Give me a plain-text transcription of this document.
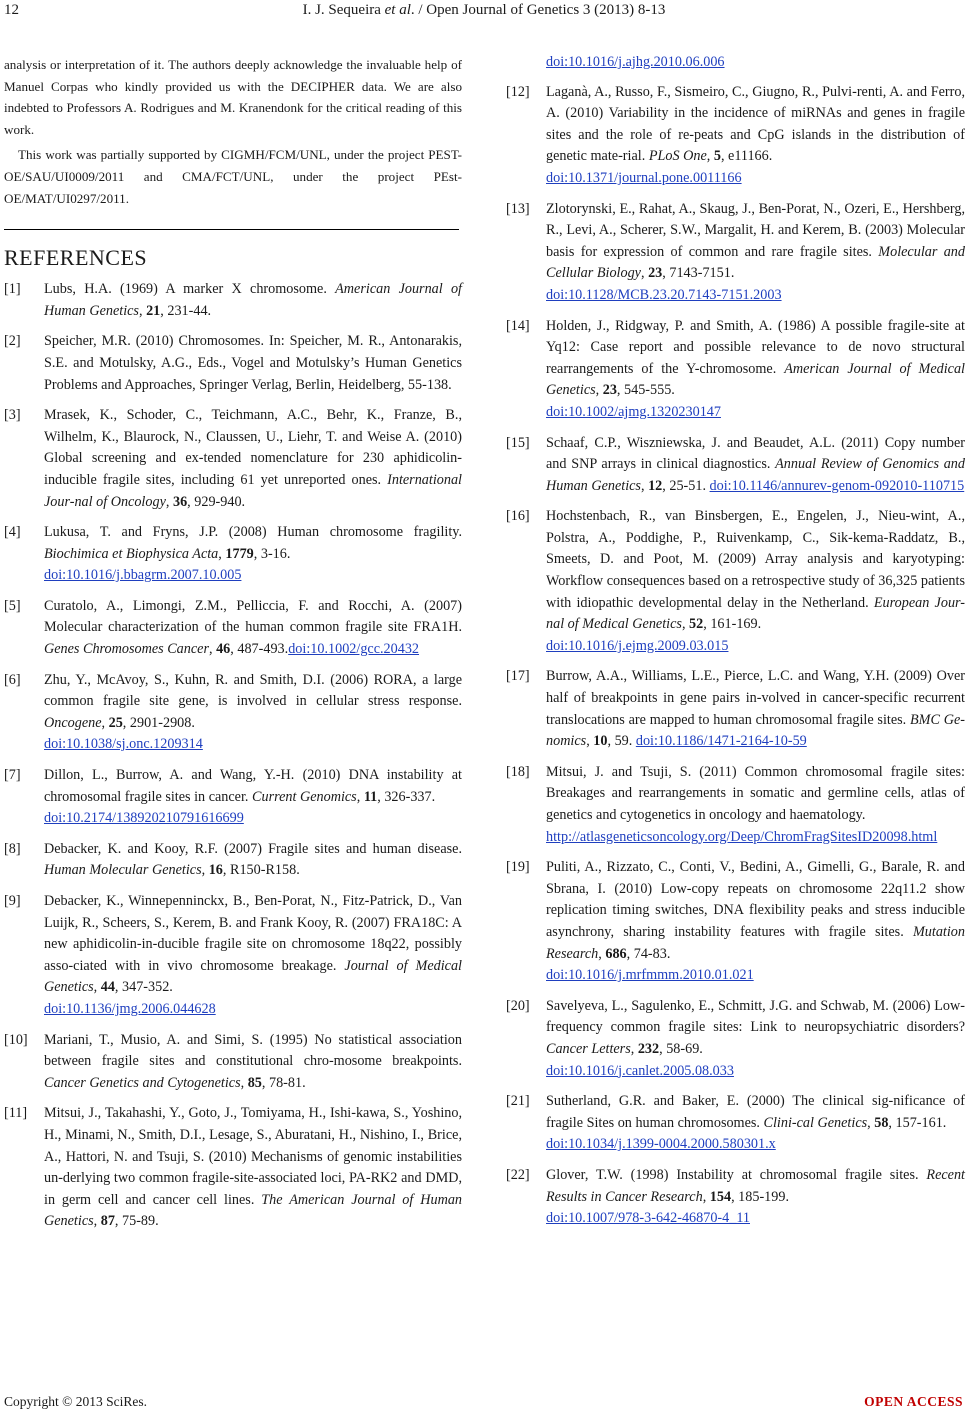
12	I. J. Sequeira et al. / Open Journal of Genetics 3 (2013) 8-13

analysis or interpretation of it. The authors deeply acknowledge the invaluable help of Manuel Corpas who kindly provided us with the DECIPHER data. We are also indebted to Professors A. Rodrigues and M. Kranendonk for the critical reading of this work.

This work was partially supported by CIGMH/FCM/UNL, under the project PEST-OE/SAU/UI0009/2011 and CMA/FCT/UNL, under the project PEst-OE/MAT/UI0297/2011.

REFERENCES
[1]	Lubs, H.A. (1969) A marker X chromosome. American Journal of Human Genetics, 21, 231-44.
[2]	Speicher, M.R. (2010) Chromosomes. In: Speicher, M. R., Antonarakis, S.E. and Motulsky, A.G., Eds., Vogel and Motulsky’s Human Genetics Problems and Approaches, Springer Verlag, Berlin, Heidelberg, 55-138.
[3]	Mrasek, K., Schoder, C., Teichmann, A.C., Behr, K., Franze, B., Wilhelm, K., Blaurock, N., Claussen, U., Liehr, T. and Weise A. (2010) Global screening and ex-tended nomenclature for 230 aphidicolin-inducible fragile sites, including 61 yet unreported ones. International Jour-nal of Oncology, 36, 929-940.
[4]	Lukusa, T. and Fryns, J.P. (2008) Human chromosome fragility. Biochimica et Biophysica Acta, 1779, 3-16.
doi:10.1016/j.bbagrm.2007.10.005
[5]	Curatolo, A., Limongi, Z.M., Pelliccia, F. and Rocchi, A. (2007) Molecular characterization of the human common fragile site FRA1H. Genes Chromosomes Cancer, 46, 487-493.doi:10.1002/gcc.20432
[6]	Zhu, Y., McAvoy, S., Kuhn, R. and Smith, D.I. (2006) RORA, a large common fragile site gene, is involved in cellular stress response. Oncogene, 25, 2901-2908.
doi:10.1038/sj.onc.1209314
[7]	Dillon, L., Burrow, A. and Wang, Y.-H. (2010) DNA instability at chromosomal fragile sites in cancer. Current Genomics, 11, 326-337.
doi:10.2174/138920210791616699
[8]	Debacker, K. and Kooy, R.F. (2007) Fragile sites and human disease. Human Molecular Genetics, 16, R150-R158.
[9]	Debacker, K., Winnepenninckx, B., Ben-Porat, N., Fitz-Patrick, D., Van Luijk, R., Scheers, S., Kerem, B. and Frank Kooy, R. (2007) FRA18C: A new aphidicolin-in-ducible fragile site on chromosome 18q22, possibly asso-ciated with in vivo chromosome breakage. Journal of Medical Genetics, 44, 347-352.
doi:10.1136/jmg.2006.044628
[10]	Mariani, T., Musio, A. and Simi, S. (1995) No statistical association between fragile sites and constitutional chro-mosome breakpoints. Cancer Genetics and Cytogenetics, 85, 78-81.
[11]	Mitsui, J., Takahashi, Y., Goto, J., Tomiyama, H., Ishi-kawa, S., Yoshino, H., Minami, N., Smith, D.I., Lesage, S., Aburatani, H., Nishino, I., Brice, A., Hattori, N. and Tsuji, S. (2010) Mechanisms of genomic instabilities un-derlying two common fragile-site-associated loci, PA-RK2 and DMD, in germ cell and cancer cell lines. The American Journal of Human Genetics, 87, 75-89.
doi:10.1016/j.ajhg.2010.06.006
[12]	Laganà, A., Russo, F., Sismeiro, C., Giugno, R., Pulvi-renti, A. and Ferro, A. (2010) Variability in the incidence of miRNAs and genes in fragile sites and the role of re-peats and CpG islands in the distribution of genetic mate-rial. PLoS One, 5, e11166.
doi:10.1371/journal.pone.0011166
[13]	Zlotorynski, E., Rahat, A., Skaug, J., Ben-Porat, N., Ozeri, E., Hershberg, R., Levi, A., Scherer, S.W., Margalit, H. and Kerem, B. (2003) Molecular basis for expression of common and rare fragile sites. Molecular and Cellular Biology, 23, 7143-7151.
doi:10.1128/MCB.23.20.7143-7151.2003
[14]	Holden, J., Ridgway, P. and Smith, A. (1986) A possible fragile-site at Yq12: Case report and possible relevance to de novo structural rearrangements of the Y-chromosome. American Journal of Medical Genetics, 23, 545-555.
doi:10.1002/ajmg.1320230147
[15]	Schaaf, C.P., Wiszniewska, J. and Beaudet, A.L. (2011) Copy number and SNP arrays in clinical diagnostics. Annual Review of Genomics and Human Genetics, 12, 25-51. doi:10.1146/annurev-genom-092010-110715
[16]	Hochstenbach, R., van Binsbergen, E., Engelen, J., Nieu-wint, A., Polstra, A., Poddighe, P., Ruivenkamp, C., Sik-kema-Raddatz, B., Smeets, D. and Poot, M. (2009) Array analysis and karyotyping: Workflow consequences based on a retrospective study of 36,325 patients with idiopathic developmental delay in the Netherland. European Jour-nal of Medical Genetics, 52, 161-169.
doi:10.1016/j.ejmg.2009.03.015
[17]	Burrow, A.A., Williams, L.E., Pierce, L.C. and Wang, Y.H. (2009) Over half of breakpoints in gene pairs in-volved in cancer-specific recurrent translocations are mapped to human chromosomal fragile sites. BMC Ge-nomics, 10, 59. doi:10.1186/1471-2164-10-59
[18]	Mitsui, J. and Tsuji, S. (2011) Common chromosomal fragile sites: Breakages and rearrangements in somatic and germline cells, atlas of genetics and cytogenetics in oncology and haematology.
http://atlasgeneticsoncology.org/Deep/ChromFragSitesID20098.html
[19]	Puliti, A., Rizzato, C., Conti, V., Bedini, A., Gimelli, G., Barale, R. and Sbrana, I. (2010) Low-copy repeats on chromosome 22q11.2 show replication timing switches, DNA flexibility peaks and stress inducible asynchrony, sharing instability features with fragile sites. Mutation Research, 686, 74-83.
doi:10.1016/j.mrfmmm.2010.01.021
[20]	Savelyeva, L., Sagulenko, E., Schmitt, J.G. and Schwab, M. (2006) Low-frequency common fragile sites: Link to neuropsychiatric disorders? Cancer Letters, 232, 58-69.
doi:10.1016/j.canlet.2005.08.033
[21]	Sutherland, G.R. and Baker, E. (2000) The clinical sig-nificance of fragile Sites on human chromosomes. Clini-cal Genetics, 58, 157-161.
doi:10.1034/j.1399-0004.2000.580301.x
[22]	Glover, T.W. (1998) Instability at chromosomal fragile sites. Recent Results in Cancer Research, 154, 185-199.
doi:10.1007/978-3-642-46870-4_11
Copyright © 2013 SciRes.	OPEN ACCESS
